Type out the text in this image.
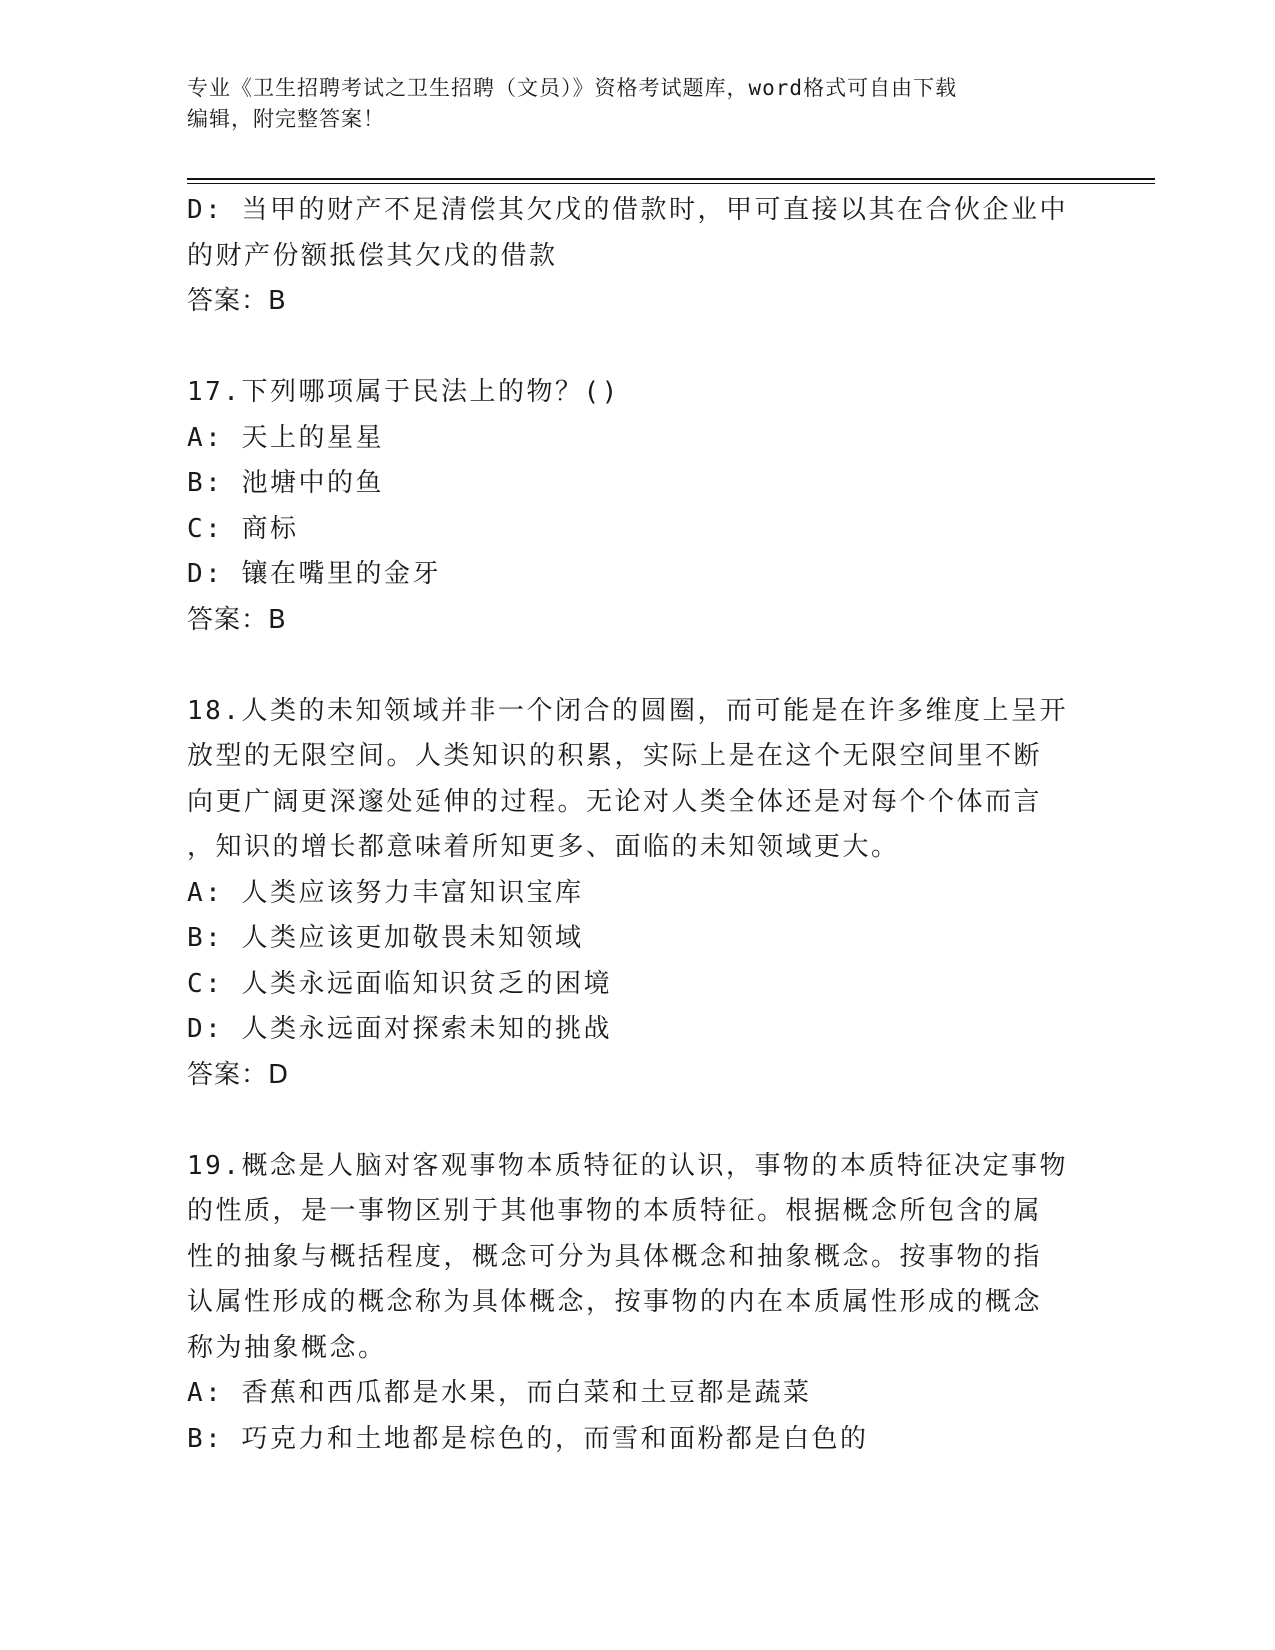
专业《卫生招聘考试之卫生招聘（文员）》资格考试题库，word格式可自由下载
编辑，附完整答案！
D: 当甲的财产不足清偿其欠戊的借款时，甲可直接以其在合伙企业中
的财产份额抵偿其欠戊的借款
答案：B
17.下列哪项属于民法上的物？()
A: 天上的星星
B: 池塘中的鱼
C: 商标
D: 镶在嘴里的金牙
答案：B
18.人类的未知领域并非一个闭合的圆圈，而可能是在许多维度上呈开
放型的无限空间。人类知识的积累，实际上是在这个无限空间里不断
向更广阔更深邃处延伸的过程。无论对人类全体还是对每个个体而言
，知识的增长都意味着所知更多、面临的未知领域更大。
A: 人类应该努力丰富知识宝库
B: 人类应该更加敬畏未知领域
C: 人类永远面临知识贫乏的困境
D: 人类永远面对探索未知的挑战
答案：D
19.概念是人脑对客观事物本质特征的认识，事物的本质特征决定事物
的性质，是一事物区别于其他事物的本质特征。根据概念所包含的属
性的抽象与概括程度，概念可分为具体概念和抽象概念。按事物的指
认属性形成的概念称为具体概念，按事物的内在本质属性形成的概念
称为抽象概念。
A: 香蕉和西瓜都是水果，而白菜和土豆都是蔬菜
B: 巧克力和土地都是棕色的，而雪和面粉都是白色的
